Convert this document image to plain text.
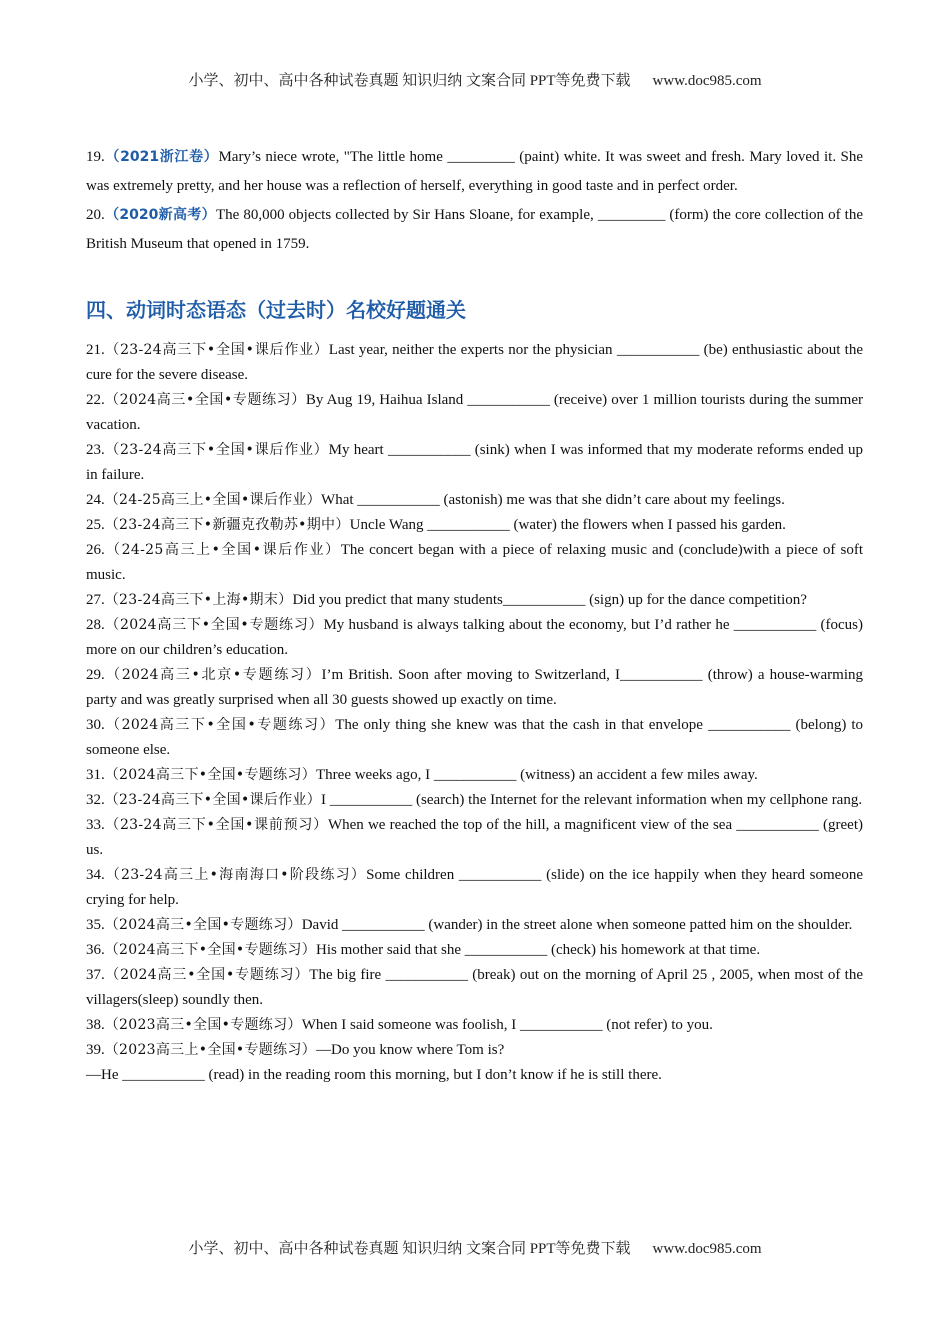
小学、初中、高中各种试卷真题 知识归纳 文案合同 PPT等免费下载 www.doc985.com

19.（2021浙江卷）Mary’s niece wrote, "The little home _________ (paint) white. It was sweet and fresh. Mary loved it. She was extremely pretty, and her house was a reflection of herself, everything in good taste and in perfect order.

20.（2020新高考）The 80,000 objects collected by Sir Hans Sloane, for example, _________ (form) the core collection of the British Museum that opened in 1759.

四、动词时态语态（过去时）名校好题通关

21.（23-24高三下•全国•课后作业）Last year, neither the experts nor the physician ___________ (be) enthusiastic about the cure for the severe disease.

22.（2024高三•全国•专题练习）By Aug 19, Haihua Island ___________ (receive) over 1 million tourists during the summer vacation.

23.（23-24高三下•全国•课后作业）My heart ___________ (sink) when I was informed that my moderate reforms ended up in failure.

24.（24-25高三上•全国•课后作业）What ___________ (astonish) me was that she didn’t care about my feelings.

25.（23-24高三下•新疆克孜勒苏•期中）Uncle Wang ___________ (water) the flowers when I passed his garden.

26.（24-25高三上•全国•课后作业）The concert began with a piece of relaxing music and (conclude)with a piece of soft music.

27.（23-24高三下•上海•期末）Did you predict that many students___________ (sign) up for the dance competition?

28.（2024高三下•全国•专题练习）My husband is always talking about the economy, but I’d rather he ___________ (focus) more on our children’s education.

29.（2024高三•北京•专题练习）I’m British. Soon after moving to Switzerland, I___________ (throw) a house-warming party and was greatly surprised when all 30 guests showed up exactly on time.

30.（2024高三下•全国•专题练习）The only thing she knew was that the cash in that envelope ___________ (belong) to someone else.

31.（2024高三下•全国•专题练习）Three weeks ago, I ___________ (witness) an accident a few miles away.

32.（23-24高三下•全国•课后作业）I ___________ (search) the Internet for the relevant information when my cellphone rang.

33.（23-24高三下•全国•课前预习）When we reached the top of the hill, a magnificent view of the sea ___________ (greet) us.

34.（23-24高三上•海南海口•阶段练习）Some children ___________ (slide) on the ice happily when they heard someone crying for help.

35.（2024高三•全国•专题练习）David ___________ (wander) in the street alone when someone patted him on the shoulder.

36.（2024高三下•全国•专题练习）His mother said that she ___________ (check) his homework at that time.

37.（2024高三•全国•专题练习）The big fire ___________ (break) out on the morning of April 25 , 2005, when most of the villagers(sleep) soundly then.

38.（2023高三•全国•专题练习）When I said someone was foolish, I ___________ (not refer) to you.

39.（2023高三上•全国•专题练习）—Do you know where Tom is?

—He ___________ (read) in the reading room this morning, but I don’t know if he is still there.

小学、初中、高中各种试卷真题 知识归纳 文案合同 PPT等免费下载 www.doc985.com
